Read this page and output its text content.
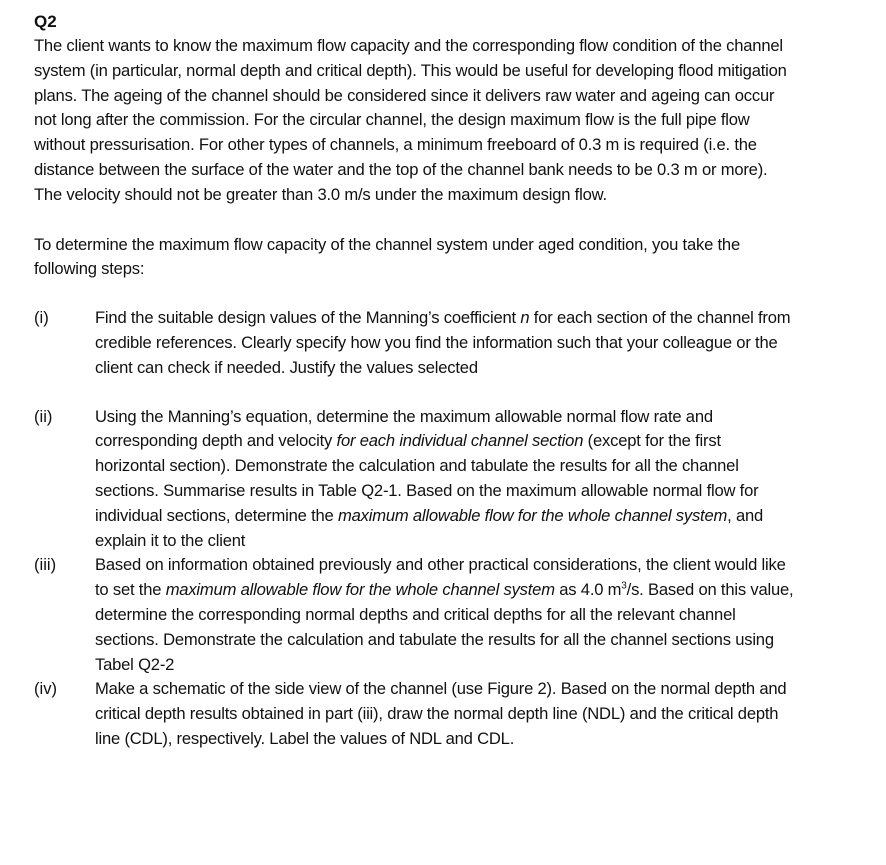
Q2

The client wants to know the maximum flow capacity and the corresponding flow condition of the channel system (in particular, normal depth and critical depth). This would be useful for developing flood mitigation plans. The ageing of the channel should be considered since it delivers raw water and ageing can occur not long after the commission. For the circular channel, the design maximum flow is the full pipe flow without pressurisation. For other types of channels, a minimum freeboard of 0.3 m is required (i.e. the distance between the surface of the water and the top of the channel bank needs to be 0.3 m or more). The velocity should not be greater than 3.0 m/s under the maximum design flow.

To determine the maximum flow capacity of the channel system under aged condition, you take the following steps:

(i)	Find the suitable design values of the Manning’s coefficient n for each section of the channel from credible references. Clearly specify how you find the information such that your colleague or the client can check if needed. Justify the values selected
(ii)	Using the Manning’s equation, determine the maximum allowable normal flow rate and corresponding depth and velocity for each individual channel section (except for the first horizontal section). Demonstrate the calculation and tabulate the results for all the channel sections. Summarise results in Table Q2-1. Based on the maximum allowable normal flow for individual sections, determine the maximum allowable flow for the whole channel system, and explain it to the client
(iii) Based on information obtained previously and other practical considerations, the client would like to set the maximum allowable flow for the whole channel system as 4.0 $m^3/s$. Based on this value, determine the corresponding normal depths and critical depths for all the relevant channel sections. Demonstrate the calculation and tabulate the results for all the channel sections using Tabel Q2-2
(iv) Make a schematic of the side view of the channel (use Figure 2). Based on the normal depth and critical depth results obtained in part (iii), draw the normal depth line (NDL) and the critical depth line (CDL), respectively. Label the values of NDL and CDL.
